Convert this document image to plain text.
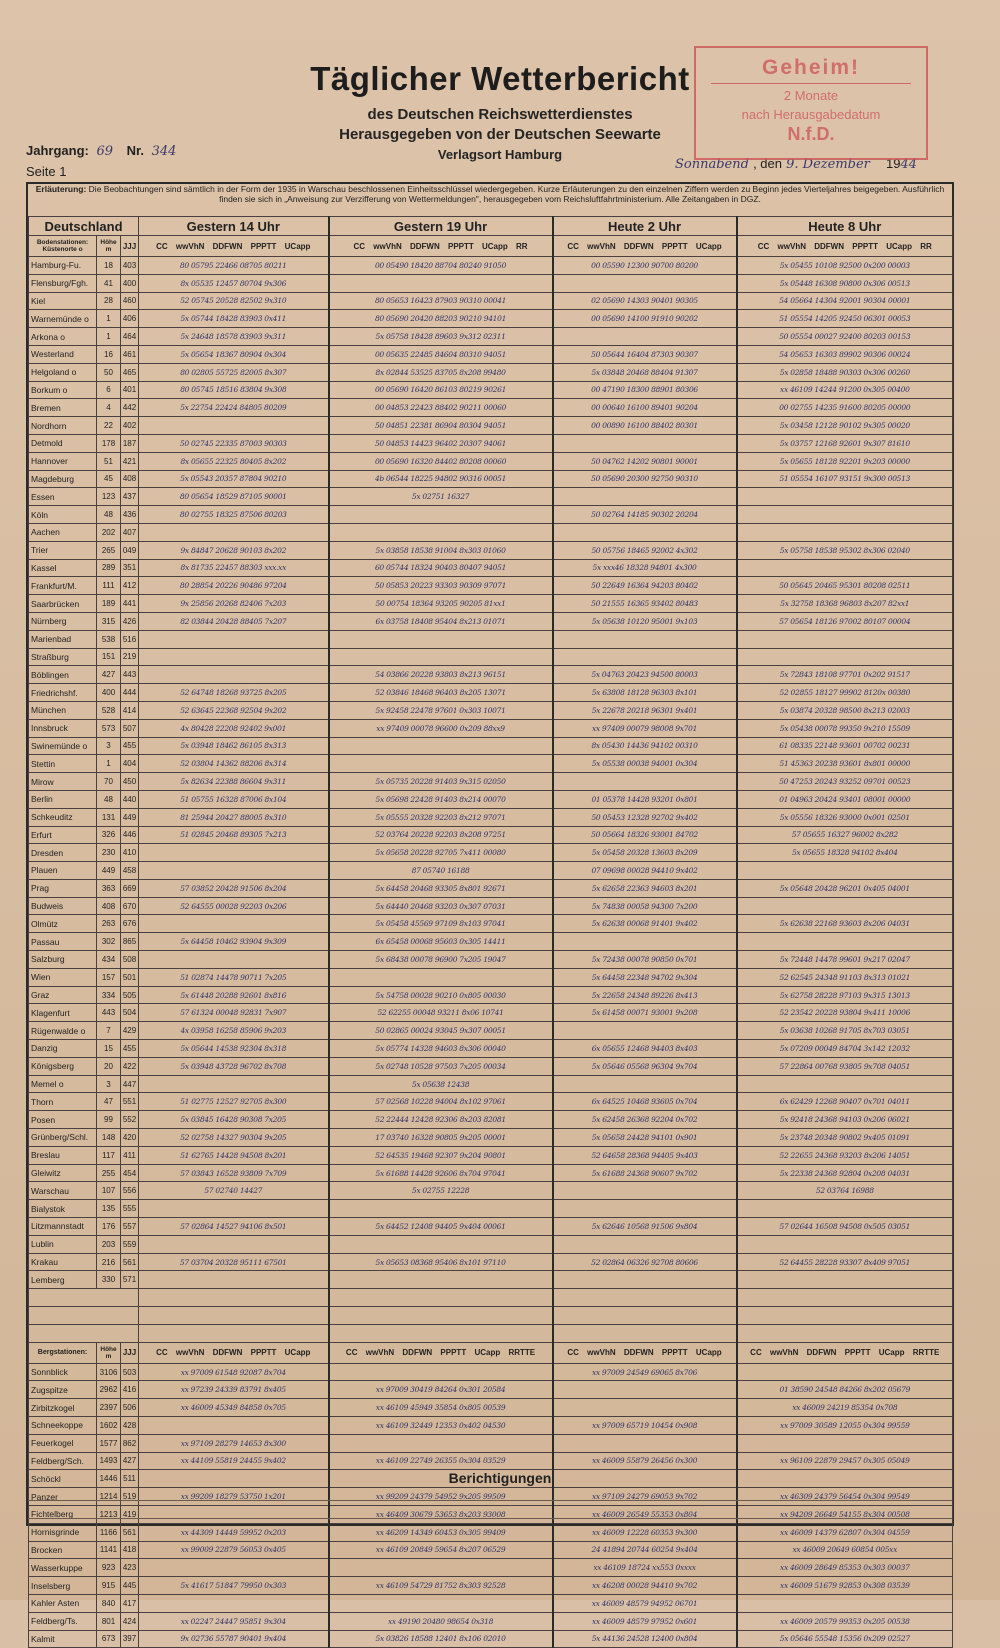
Täglicher Wetterbericht
des Deutschen Reichswetterdienstes
Herausgegeben von der Deutschen Seewarte
Verlagsort Hamburg
Jahrgang: 69 Nr. 344
Seite 1	Sonnabend , den 9. Dezember 1944
Geheim!
2 Monate
nach Herausgabedatum
N.f.D.
Erläuterung: Die Beobachtungen sind sämtlich in der Form der 1935 in Warschau beschlossenen Einheitsschlüssel wiedergegeben. Kurze Erläuterungen zu den einzelnen Ziffern werden zu Beginn jedes Vierteljahres beigegeben. Ausführlich finden sie sich in „Anweisung zur Verzifferung von Wettermeldungen", herausgegeben vom Reichsluftfahrtministerium. Alle Zeitangaben in DGZ.
Deutschland			Gestern 14 Uhr	Gestern 19 Uhr	Heute 2 Uhr	Heute 8 Uhr
Bodenstationen: Küstenorte o	Höhe m	JJJ	CC wwVhN DDFWN PPPTT UCapp	CC wwVhN DDFWN PPPTT UCapp RR	CC wwVhN DDFWN PPPTT UCapp	CC wwVhN DDFWN PPPTT UCapp RR
Hamburg-Fu.	18	403	80 05795 22466 08705 80211	00 05490 18420 88704 80240 91050	00 05590 12300 90700 80200	5x 05455 10108 92500 0x200 00003
Flensburg/Fgh.	41	400	8x 05535 12457 80704 9x306			5x 05448 16308 90800 0x306 00513
Kiel	28	460	52 05745 20528 82502 9x310	80 05653 16423 87903 90310 00041	02 05690 14303 90401 90305	54 05664 14304 92001 90304 00001
Warnemünde o	1	406	5x 05744 18428 83903 0x411	80 05690 20420 88203 90210 94101	00 05690 14100 91910 90202	51 05554 14205 92450 06301 00053
Arkona o	1	464	5x 24648 18578 83903 9x311	5x 05758 18428 89603 9x312 02311		50 05554 00027 92400 80203 00153
Westerland	16	461	5x 05654 18367 80904 0x304	00 05635 22485 84604 80310 94051	50 05644 16404 87303 90307	54 05653 16303 89902 90306 00024
Helgoland o	50	465	80 02805 55725 82005 8x307	8x 02844 53525 83705 8x208 99480	5x 03848 20468 88404 91307	5x 02858 18488 90303 0x306 00260
Borkum o	6	401	80 05745 18516 83804 9x308	00 05690 16420 86103 80219 90261	00 47190 18300 88901 80306	xx 46109 14244 91200 0x305 00400
Bremen	4	442	5x 22754 22424 84805 80209	00 04853 22423 88402 90211 00060	00 00640 16100 89401 90204	00 02755 14235 91600 80205 00000
Nordhorn	22	402		50 04851 22381 86904 80304 94051	00 00890 16100 88402 80301	5x 03458 12128 90102 9x305 00020
Detmold	178	187	50 02745 22335 87003 90303	50 04853 14423 96402 20307 94061		5x 03757 12168 92601 9x307 81610
Hannover	51	421	8x 05655 22325 80405 8x202	00 05690 16320 84402 80208 00060	50 04762 14202 90801 90001	5x 05655 18128 92201 9x203 00000
Magdeburg	45	408	5x 05543 20357 87804 90210	4b 06544 18225 94802 90316 00051	50 05690 20300 92750 90310	51 05554 16107 93151 9x300 00513
Essen	123	437	80 05654 18529 87105 90001	5x 02751 16327		
Köln	48	436	80 02755 18325 87506 80203		50 02764 14185 90302 20204	
Aachen	202	407				
Trier	265	049	9x 84847 20628 90103 8x202	5x 03858 18538 91004 8x303 01060	50 05756 18465 92002 4x302	5x 05758 18538 95302 8x306 02040
Kassel	289	351	8x 81735 22457 88303 xxx.xx	60 05744 18324 90403 80407 94051	5x xxx46 18328 94801 4x300	
Frankfurt/M.	111	412	80 28854 20226 90486 97204	50 05853 20223 93303 90309 97071	50 22649 16364 94203 80402	50 05645 20465 95301 80208 02511
Saarbrücken	189	441	9x 25856 20268 82406 7x203	50 00754 18364 93205 90205 81xx1	50 21555 16365 93402 80483	5x 32758 18368 96803 8x207 82xx1
Nürnberg	315	426	82 03844 20428 88405 7x207	6x 03758 18408 95404 8x213 01071	5x 05638 10120 95001 9x103	57 05654 18126 97002 80107 00004
Marienbad	538	516				
Straßburg	151	219				
Böblingen	427	443		54 03866 20228 93803 8x213 96151	5x 04763 20423 94500 80003	5x 72843 18108 97701 0x202 91517
Friedrichshf.	400	444	52 64748 18268 93725 8x205	52 03846 18468 96403 8x205 13071	5x 63808 18128 96303 8x101	52 02855 18127 99902 8120x 00380
München	528	414	52 63645 22368 92504 9x202	5x 92458 22478 97601 0x303 10071	5x 22678 20218 96301 9x401	5x 03874 20328 98500 8x213 02003
Innsbruck	573	507	4x 80428 22208 92402 9x001	xx 97409 00078 96600 0x209 88xx9	xx 97409 00079 98008 9x701	5x 05438 00078 99350 9x210 15509
Swinemünde o	3	455	5x 03948 18462 86105 8x313		8x 05430 14436 94102 00310	61 08335 22148 93601 00702 00231
Stettin	1	404	52 03804 14362 88206 8x314		5x 05538 00038 94001 0x304	51 45363 20238 93601 8x801 00000
Mirow	70	450	5x 82634 22388 86604 9x311	5x 05735 20228 91403 9x315 02050		50 47253 20243 93252 09701 00523
Berlin	48	440	51 05755 16328 87006 8x104	5x 05698 22428 91403 8x214 00070	01 05378 14428 93201 0x801	01 04963 20424 93401 08001 00000
Schkeuditz	131	449	81 25944 20427 88005 8x310	5x 05555 20328 92203 8x212 97071	50 05453 12328 92702 9x402	5x 05556 18326 93000 0x001 02501
Erfurt	326	446	51 02845 20468 89305 7x213	52 03764 20228 92203 8x208 97251	50 05664 18326 93001 84702	57 05655 16327 96002 8x282
Dresden	230	410		5x 05658 20228 92705 7x411 00080	5x 05458 20328 13603 8x209	5x 05655 18328 94102 8x404
Plauen	449	458		87 05740 16188	07 09698 00028 94410 9x402	
Prag	363	669	57 03852 20428 91506 8x204	5x 64458 20468 93305 8x801 92671	5x 62658 22363 94603 8x201	5x 05648 20428 96201 0x405 04001
Budweis	408	670	52 64555 00028 92203 0x206	5x 64440 20468 93203 0x307 07031	5x 74838 00058 94300 7x200	
Olmütz	263	676		5x 05458 45569 97109 8x103 97041	5x 62638 00068 91401 9x402	5x 62638 22168 93603 8x206 04031
Passau	302	865	5x 64458 10462 93904 9x309	6x 65458 00068 95603 0x305 14411		
Salzburg	434	508		5x 68438 00078 96900 7x205 19047	5x 72438 00078 90850 0x701	5x 72448 14478 99601 9x217 02047
Wien	157	501	51 02874 14478 90711 7x205		5x 64458 22348 94702 9x304	52 62545 24348 91103 8x313 01021
Graz	334	505	5x 61448 20288 92601 8x816	5x 54758 00028 90210 0x805 00030	5x 22658 24348 89226 8x413	5x 62758 28228 97103 9x315 13013
Klagenfurt	443	504	57 61324 00048 92831 7x907	52 62255 00048 93211 8x06 10741	5x 61458 00071 93001 9x208	52 23542 20228 93804 9x411 10006
Rügenwalde o	7	429	4x 03958 16258 85906 9x203	50 02865 00024 93045 9x307 00051		5x 03638 10268 91705 8x703 03051
Danzig	15	455	5x 05644 14538 92304 8x318	5x 05774 14328 94603 8x306 00040	6x 05655 12468 94403 8x403	5x 07209 00049 84704 3x142 12032
Königsberg	20	422	5x 03948 43728 96702 8x708	5x 02748 10528 97503 7x205 00034	5x 05646 05568 96304 9x704	57 22864 00768 93805 9x708 04051
Memel o	3	447		5x 05638 12438		
Thorn	47	551	51 02775 12527 92705 8x300	57 02568 10228 94004 8x102 97061	6x 64525 10468 93605 0x704	6x 62429 12268 90407 0x701 04011
Posen	99	552	5x 03845 16428 90308 7x205	52 22444 12428 92306 8x203 82081	5x 62458 26368 92204 0x702	5x 92418 24368 94103 0x206 06021
Grünberg/Schl.	148	420	52 02758 14327 90304 9x205	17 03740 16328 90805 9x205 00001	5x 05658 24428 94101 0x901	5x 23748 20348 90802 9x405 01091
Breslau	117	411	51 62765 14428 94508 8x201	52 64535 19468 92307 9x204 90801	52 64658 28368 94405 9x403	52 22655 24368 93203 8x206 14051
Gleiwitz	255	454	57 03843 16528 93809 7x709	5x 61688 14428 92606 8x704 97041	5x 61688 24368 90607 9x702	5x 22338 24368 92804 0x208 04031
Warschau	107	556	57 02740 14427	5x 02755 12228		52 03764 16988
Bialystok	135	555				
Litzmannstadt	176	557	57 02864 14527 94106 8x501	5x 64452 12408 94405 9x404 00061	5x 62646 10568 91506 9x804	57 02644 16508 94508 0x505 03051
Lublin	203	559				
Krakau	216	561	57 03704 20328 95111 67501	5x 05653 08368 95406 8x101 97110	52 02864 06326 92708 80606	52 64455 28228 93307 8x409 97051
Lemberg	330	571				

Bergstationen:	Höhe m	JJJ	CC wwVhN DDFWN PPPTT UCapp	CC wwVhN DDFWN PPPTT UCapp RRTTE	CC wwVhN DDFWN PPPTT UCapp	CC wwVhN DDFWN PPPTT UCapp RRTTE
Sonnblick	3106	503	xx 97009 61548 92087 8x704		xx 97009 24549 69065 8x706	
Zugspitze	2962	416	xx 97239 24339 83791 8x405	xx 97009 30419 84264 0x301 20584		01 38590 24548 84266 8x202 05679
Zirbitzkogel	2397	506	xx 46009 45349 84858 0x705	xx 46109 45949 35854 0x805 00539		xx 46009 24219 85354 0x708
Schneekoppe	1602	428		xx 46109 32449 12353 0x402 04530	xx 97009 65719 10454 0x908	xx 97009 30589 12055 0x304 99559
Feuerkogel	1577	862	xx 97109 28279 14653 8x300			
Feldberg/Sch.	1493	427	xx 44109 55819 24455 9x402	xx 46109 22749 26355 0x304 03529	xx 46009 55879 26456 0x300	xx 96109 22879 29457 0x305 05049
Schöckl	1446	511				
Panzer	1214	519	xx 99209 18279 53750 1x201	xx 99209 24379 54952 9x205 99509	xx 97109 24279 69053 9x702	xx 46309 24379 56454 0x304 99549
Fichtelberg	1213	419		xx 46409 30679 53653 8x203 93008	xx 46009 26549 55353 0x804	xx 94209 26649 54155 8x304 00508
Hornisgrinde	1166	561	xx 44309 14449 59952 0x203	xx 46209 14349 60453 0x305 99409	xx 46009 12228 60353 9x300	xx 46009 14379 62807 0x304 04559
Brocken	1141	418	xx 99009 22879 56053 0x405	xx 46109 20849 59654 8x207 06529	24 41894 20744 60254 9x404	xx 46009 20649 60854 005xx
Wasserkuppe	923	423			xx 46109 18724 xx553 0xxxx	xx 46009 28649 85353 0x303 00037
Inselsberg	915	445	5x 41617 51847 79950 0x303	xx 46109 54729 81752 8x303 92528	xx 46208 00028 94410 9x702	xx 46009 51679 92853 0x308 03539
Kahler Asten	840	417			xx 46009 48579 94952 06701	
Feldberg/Ts.	801	424	xx 02247 24447 95851 9x304	xx 49190 20480 98654 0x318	xx 46009 48579 97952 0x601	xx 46009 20579 99353 0x205 00538
Kalmit	673	397	9x 02736 55787 90401 9x404	5x 03826 18588 12401 8x106 02010	5x 44136 24528 12400 0x804	5x 05646 55548 15356 0x209 02527
Berichtigungen
